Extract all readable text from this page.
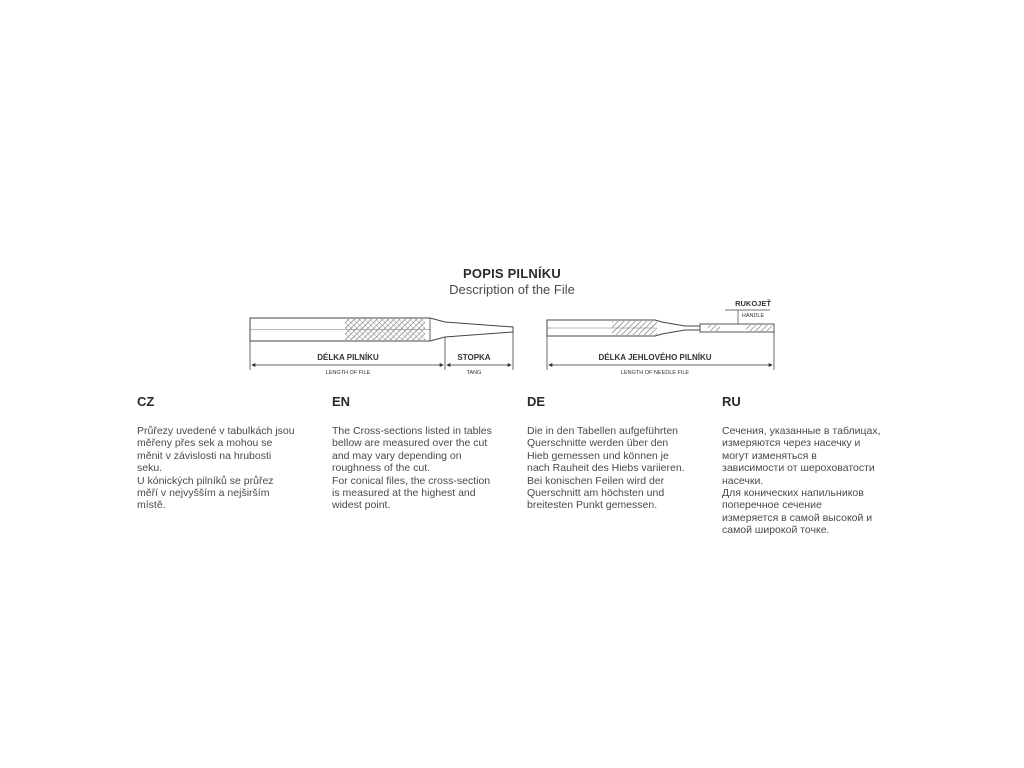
POPIS PILNÍKU
Description of the File
DÉLKA PILNÍKU
LENGTH OF FILE
STOPKA
TANG
DÉLKA JEHLOVÉHO PILNÍKU
LENGTH OF NEEDLE FILE
RUKOJEŤ
HANDLE
CZ

Průřezy uvedené v tabulkách jsou
měřeny přes sek a mohou se
měnit v závislosti na hrubosti
seku.
U kónických pilníků se průřez
měří v nejvyšším a nejširším
místě.

EN

The Cross-sections listed in tables
bellow are measured over the cut
and may vary depending on
roughness of the cut.
For conical files, the cross-section
is measured at the highest and
widest point.

DE

Die in den Tabellen aufgeführten
Querschnitte werden über den
Hieb gemessen und können je
nach Rauheit des Hiebs variieren.
Bei konischen Feilen wird der
Querschnitt am höchsten und
breitesten Punkt gemessen.

RU

Сечения, указанные в таблицах,
измеряются через насечку и
могут изменяться в
зависимости от шероховатости
насечки.
Для конических напильников
поперечное сечение
измеряется в самой высокой и
самой широкой точке.
